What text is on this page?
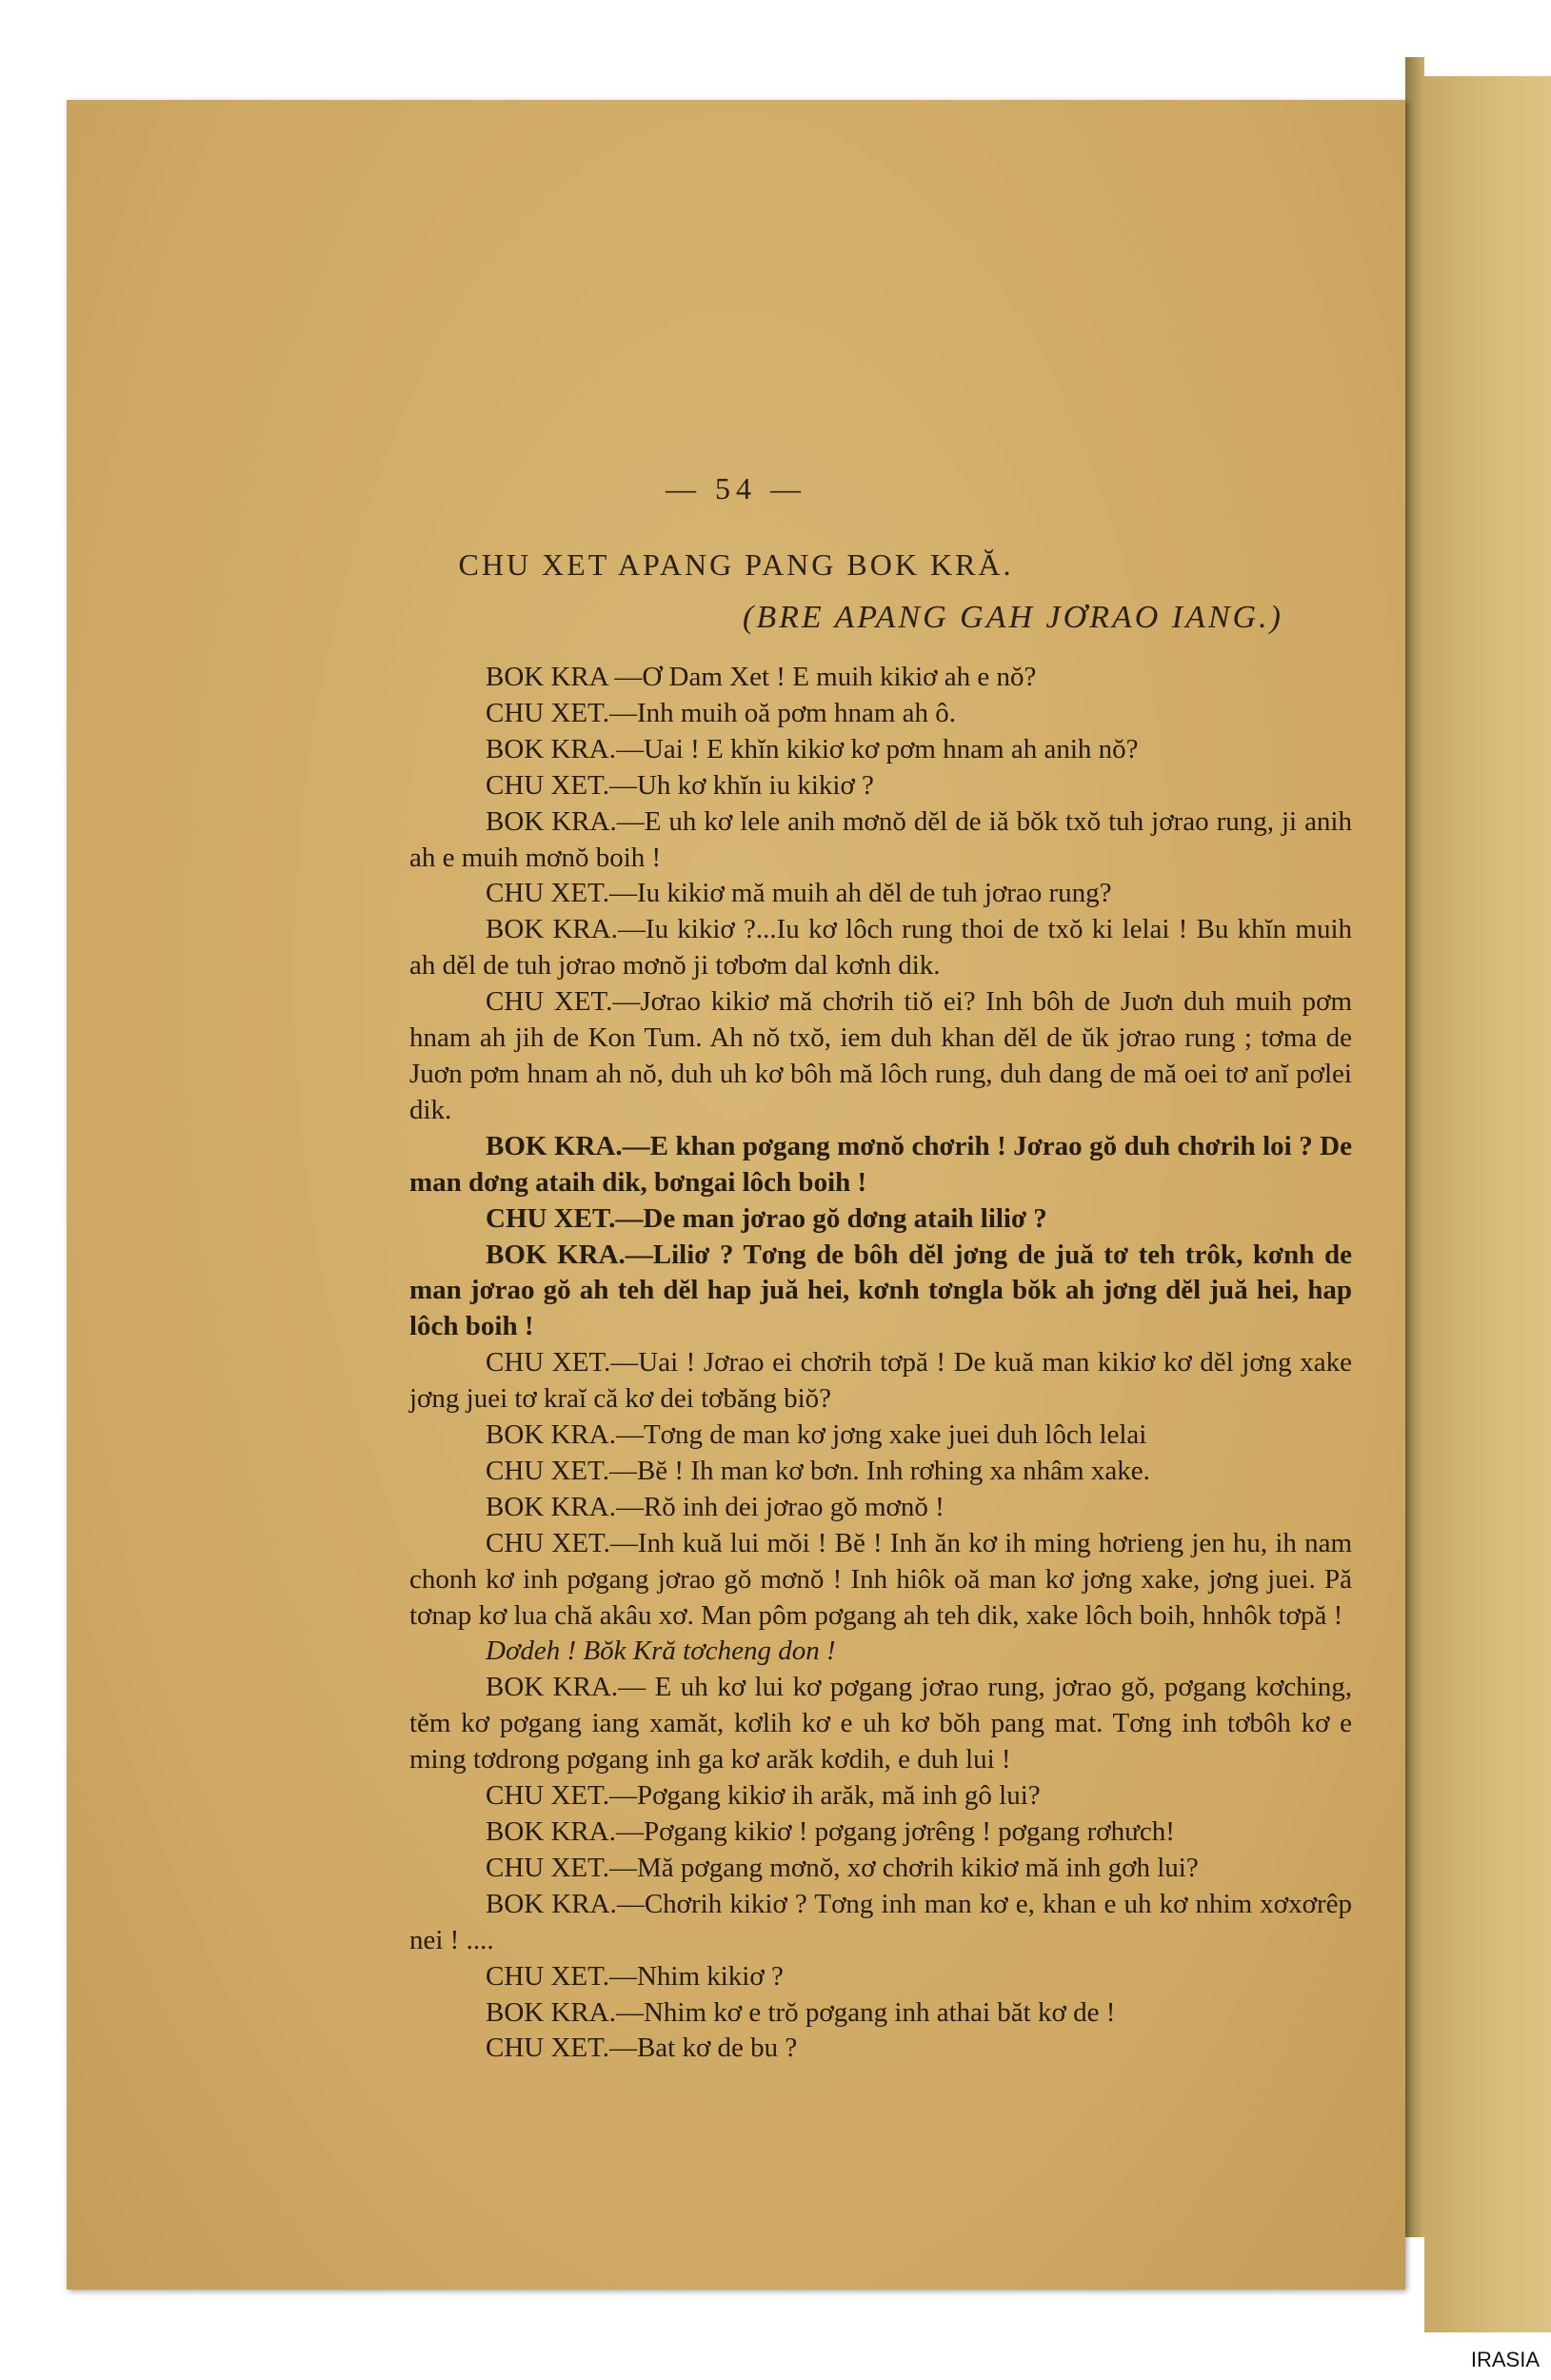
— 54 —
CHU XET APANG PANG BOK KRĂ.
(BRE APANG GAH JƠRAO IANG.)

BOK KRA —Ơ Dam Xet ! E muih kikiơ ah e nŏ?

CHU XET.—Inh muih oă pơm hnam ah ô.

BOK KRA.—Uai ! E khĭn kikiơ kơ pơm hnam ah anih nŏ?

CHU XET.—Uh kơ khĭn iu kikiơ ?

BOK KRA.—E uh kơ lele anih mơnŏ dĕl de iă bŏk txŏ tuh jơrao rung, ji anih ah e muih mơnŏ boih !

CHU XET.—Iu kikiơ mă muih ah dĕl de tuh jơrao rung?

BOK KRA.—Iu kikiơ ?...Iu kơ lôch rung thoi de txŏ ki lelai ! Bu khĭn muih ah dĕl de tuh jơrao mơnŏ ji tơbơm dal kơnh dik.

CHU XET.—Jơrao kikiơ mă chơrih tiŏ ei? Inh bôh de Juơn duh muih pơm hnam ah jih de Kon Tum. Ah nŏ txŏ, iem duh khan dĕl de ŭk jơrao rung ; tơma de Juơn pơm hnam ah nŏ, duh uh kơ bôh mă lôch rung, duh dang de mă oei tơ anĭ pơlei dik.

BOK KRA.—E khan pơgang mơnŏ chơrih ! Jơrao gŏ duh chơrih loi ? De man dơng ataih dik, bơngai lôch boih !

CHU XET.—De man jơrao gŏ dơng ataih liliơ ?

BOK KRA.—Liliơ ? Tơng de bôh dĕl jơng de juă tơ teh trôk, kơnh de man jơrao gŏ ah teh dĕl hap juă hei, kơnh tơngla bŏk ah jơng dĕl juă hei, hap lôch boih !

CHU XET.—Uai ! Jơrao ei chơrih tơpă ! De kuă man kikiơ kơ dĕl jơng xake jơng juei tơ kraĭ că kơ dei tơbăng biŏ?

BOK KRA.—Tơng de man kơ jơng xake juei duh lôch lelai

CHU XET.—Bĕ ! Ih man kơ bơn. Inh rơhing xa nhâm xake.

BOK KRA.—Rŏ inh dei jơrao gŏ mơnŏ !

CHU XET.—Inh kuă lui mŏi ! Bĕ ! Inh ăn kơ ih ming hơrieng jen hu, ih nam chonh kơ inh pơgang jơrao gŏ mơnŏ ! Inh hiôk oă man kơ jơng xake, jơng juei. Pă tơnap kơ lua chă akâu xơ. Man pôm pơgang ah teh dik, xake lôch boih, hnhôk tơpă !

Dơdeh ! Bŏk Kră tơcheng don !

BOK KRA.— E uh kơ lui kơ pơgang jơrao rung, jơrao gŏ, pơgang kơching, tĕm kơ pơgang iang xamăt, kơlih kơ e uh kơ bŏh pang mat. Tơng inh tơbôh kơ e ming tơdrong pơgang inh ga kơ arăk kơdih, e duh lui !

CHU XET.—Pơgang kikiơ ih arăk, mă inh gô lui?

BOK KRA.—Pơgang kikiơ ! pơgang jơrêng ! pơgang rơhưch!

CHU XET.—Mă pơgang mơnŏ, xơ chơrih kikiơ mă inh gơh lui?

BOK KRA.—Chơrih kikiơ ? Tơng inh man kơ e, khan e uh kơ nhim xơxơrêp nei ! ....

CHU XET.—Nhim kikiơ ?

BOK KRA.—Nhim kơ e trŏ pơgang inh athai băt kơ de !

CHU XET.—Bat kơ de bu ?

IRASIA
